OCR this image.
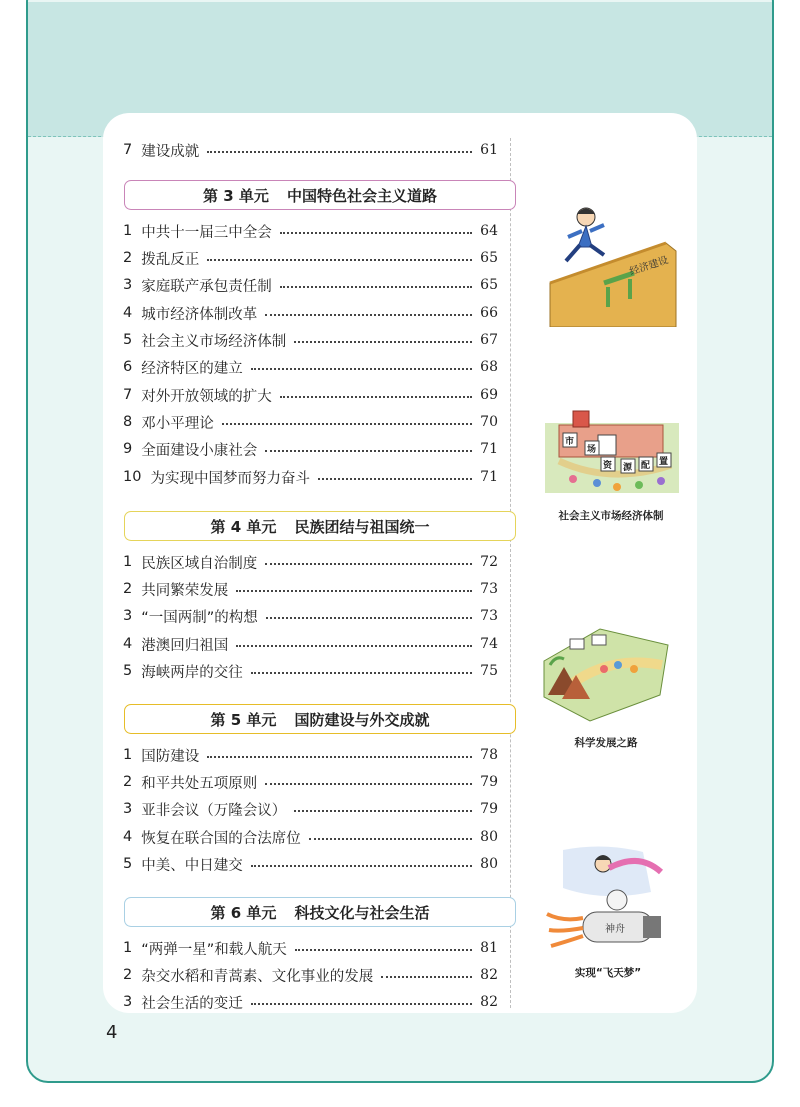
7 建设成就	61
第 3 单元 中国特色社会主义道路
1 中共十一届三中全会	64
2 拨乱反正	65
3 家庭联产承包责任制	65
4 城市经济体制改革	66
5 社会主义市场经济体制	67
6 经济特区的建立	68
7 对外开放领域的扩大	69
8 邓小平理论	70
9 全面建设小康社会	71
10 为实现中国梦而努力奋斗	71
第 4 单元 民族团结与祖国统一
1 民族区域自治制度	72
2 共同繁荣发展	73
3 “一国两制”的构想	73
4 港澳回归祖国	74
5 海峡两岸的交往	75
第 5 单元 国防建设与外交成就
1 国防建设	78
2 和平共处五项原则	79
3 亚非会议（万隆会议）	79
4 恢复在联合国的合法席位	80
5 中美、中日建交	80
第 6 单元 科技文化与社会生活
1 “两弹一星”和载人航天	81
2 杂交水稻和青蒿素、文化事业的发展	82
3 社会生活的变迁	82
经济建设
市
场
资 源 配 置
社会主义市场经济体制
科学发展之路
神舟
实现“飞天梦”
4
